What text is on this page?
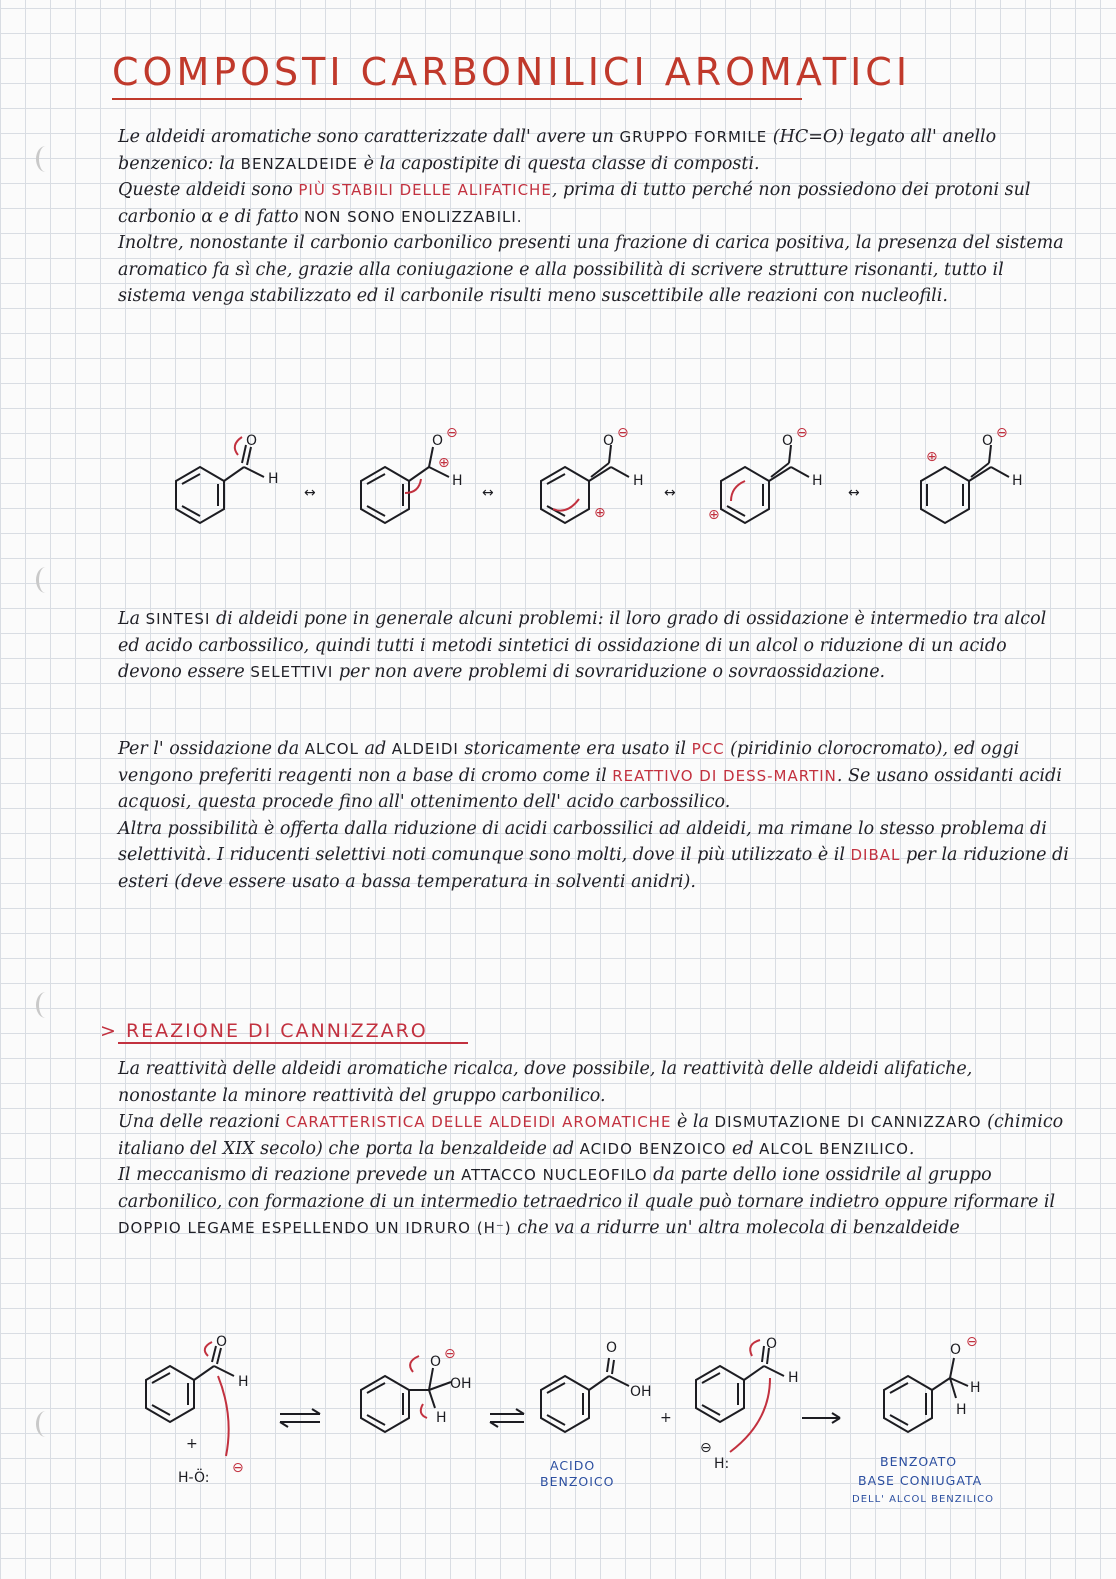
COMPOSTI CARBONILICI AROMATICI

Le aldeidi aromatiche sono caratterizzate dall' avere un GRUPPO FORMILE (HC=O) legato all' anello benzenico: la BENZALDEIDE è la capostipite di questa classe di composti.

Queste aldeidi sono PIÙ STABILI DELLE ALIFATICHE, prima di tutto perché non possiedono dei protoni sul carbonio α e di fatto NON SONO ENOLIZZABILI.

Inoltre, nonostante il carbonio carbonilico presenti una frazione di carica positiva, la presenza del sistema aromatico fa sì che, grazie alla coniugazione e alla possibilità di scrivere strutture risonanti, tutto il sistema venga stabilizzato ed il carbonile risulti meno suscettibile alle reazioni con nucleofili.

O
H
↔
O ⊖
⊕
H
↔
O ⊖
H
⊕
↔
O ⊖
H
⊕
↔
O ⊖
H
⊕

La SINTESI di aldeidi pone in generale alcuni problemi: il loro grado di ossidazione è intermedio tra alcol ed acido carbossilico, quindi tutti i metodi sintetici di ossidazione di un alcol o riduzione di un acido devono essere SELETTIVI per non avere problemi di sovrariduzione o sovraossidazione.

Per l' ossidazione da ALCOL ad ALDEIDI storicamente era usato il PCC (piridinio clorocromato), ed oggi vengono preferiti reagenti non a base di cromo come il REATTIVO DI DESS-MARTIN. Se usano ossidanti acidi acquosi, questa procede fino all' ottenimento dell' acido carbossilico.

Altra possibilità è offerta dalla riduzione di acidi carbossilici ad aldeidi, ma rimane lo stesso problema di selettività. I riducenti selettivi noti comunque sono molti, dove il più utilizzato è il DIBAL per la riduzione di esteri (deve essere usato a bassa temperatura in solventi anidri).

> REAZIONE DI CANNIZZARO

La reattività delle aldeidi aromatiche ricalca, dove possibile, la reattività delle aldeidi alifatiche, nonostante la minore reattività del gruppo carbonilico.

Una delle reazioni CARATTERISTICA DELLE ALDEIDI AROMATICHE è la DISMUTAZIONE DI CANNIZZARO (chimico italiano del XIX secolo) che porta la benzaldeide ad ACIDO BENZOICO ed ALCOL BENZILICO.

Il meccanismo di reazione prevede un ATTACCO NUCLEOFILO da parte dello ione ossidrile al gruppo carbonilico, con formazione di un intermedio tetraedrico il quale può tornare indietro oppure riformare il DOPPIO LEGAME ESPELLENDO UN IDRURO (H⁻) che va a ridurre un' altra molecola di benzaldeide

O
H
+
H-Ö:
⊖
O ⊖
OH
H
O
OH
ACIDO
BENZOICO
+
O
H
H:
⊖
O ⊖
H
H
BENZOATO
BASE CONIUGATA
DELL' ALCOL BENZILICO
